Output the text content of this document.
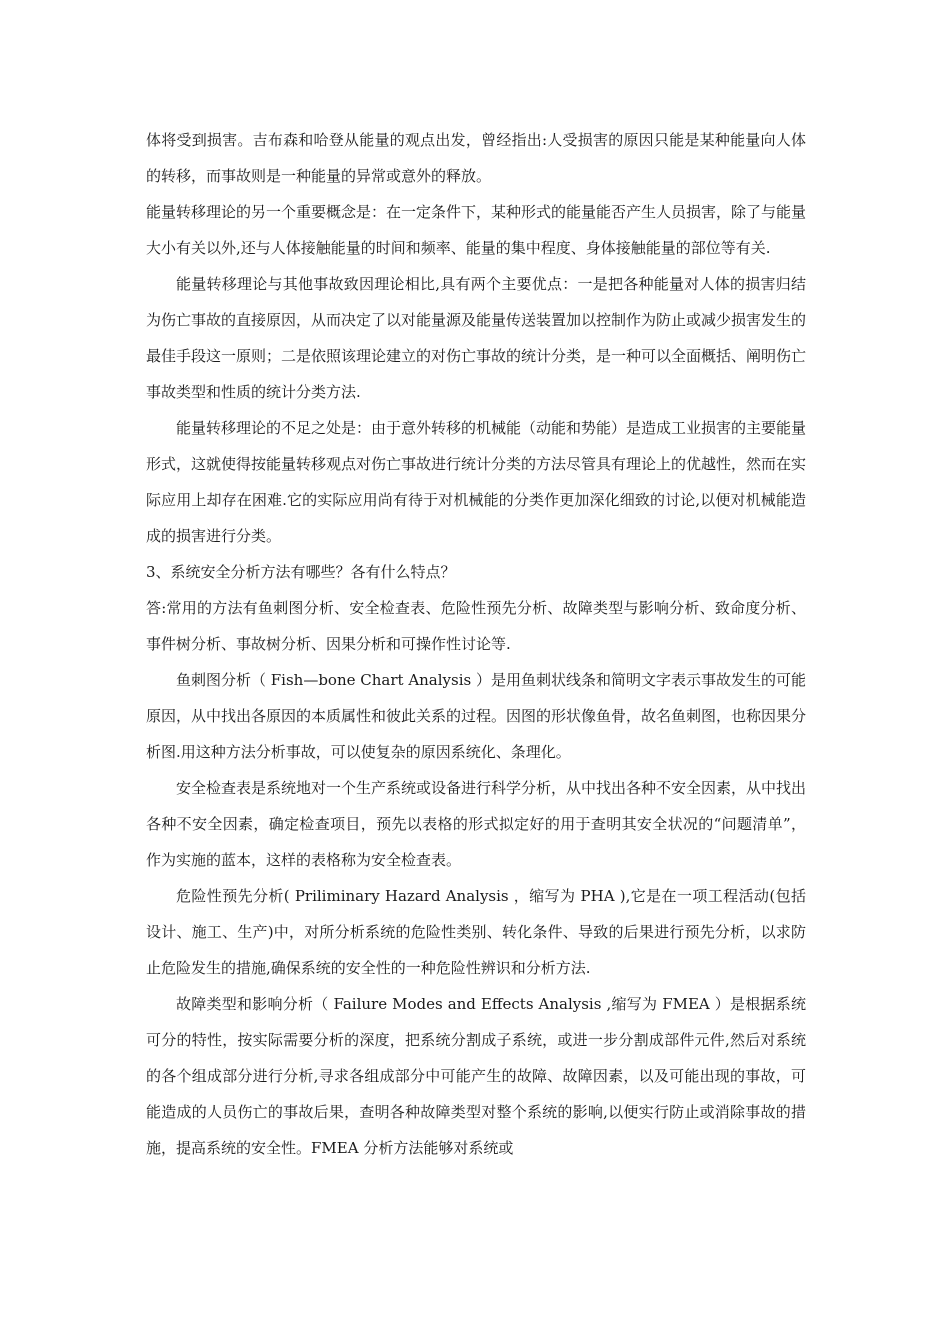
体将受到损害。吉布森和哈登从能量的观点出发，曾经指出:人受损害的原因只能是某种能量向人体的转移，而事故则是一种能量的异常或意外的释放。

能量转移理论的另一个重要概念是：在一定条件下，某种形式的能量能否产生人员损害，除了与能量大小有关以外,还与人体接触能量的时间和频率、能量的集中程度、身体接触能量的部位等有关.

能量转移理论与其他事故致因理论相比,具有两个主要优点：一是把各种能量对人体的损害归结为伤亡事故的直接原因，从而决定了以对能量源及能量传送装置加以控制作为防止或减少损害发生的最佳手段这一原则；二是依照该理论建立的对伤亡事故的统计分类，是一种可以全面概括、阐明伤亡事故类型和性质的统计分类方法.

能量转移理论的不足之处是：由于意外转移的机械能（动能和势能）是造成工业损害的主要能量形式，这就使得按能量转移观点对伤亡事故进行统计分类的方法尽管具有理论上的优越性，然而在实际应用上却存在困难.它的实际应用尚有待于对机械能的分类作更加深化细致的讨论,以便对机械能造成的损害进行分类。

3、系统安全分析方法有哪些？各有什么特点？

答:常用的方法有鱼刺图分析、安全检查表、危险性预先分析、故障类型与影响分析、致命度分析、事件树分析、事故树分析、因果分析和可操作性讨论等.

鱼刺图分析（ Fish—bone Chart Analysis ）是用鱼刺状线条和简明文字表示事故发生的可能原因，从中找出各原因的本质属性和彼此关系的过程。因图的形状像鱼骨，故名鱼刺图，也称因果分析图.用这种方法分析事故，可以使复杂的原因系统化、条理化。

安全检查表是系统地对一个生产系统或设备进行科学分析，从中找出各种不安全因素，从中找出各种不安全因素，确定检查项目，预先以表格的形式拟定好的用于查明其安全状况的“问题清单”，作为实施的蓝本，这样的表格称为安全检查表。

危险性预先分析( Priliminary Hazard Analysis ，缩写为 PHA ),它是在一项工程活动(包括设计、施工、生产)中，对所分析系统的危险性类别、转化条件、导致的后果进行预先分析，以求防止危险发生的措施,确保系统的安全性的一种危险性辨识和分析方法.

故障类型和影响分析（ Failure Modes and Effects Analysis ,缩写为 FMEA ）是根据系统可分的特性，按实际需要分析的深度，把系统分割成子系统，或进一步分割成部件元件,然后对系统的各个组成部分进行分析,寻求各组成部分中可能产生的故障、故障因素，以及可能出现的事故，可能造成的人员伤亡的事故后果，查明各种故障类型对整个系统的影响,以便实行防止或消除事故的措施，提高系统的安全性。FMEA 分析方法能够对系统或
